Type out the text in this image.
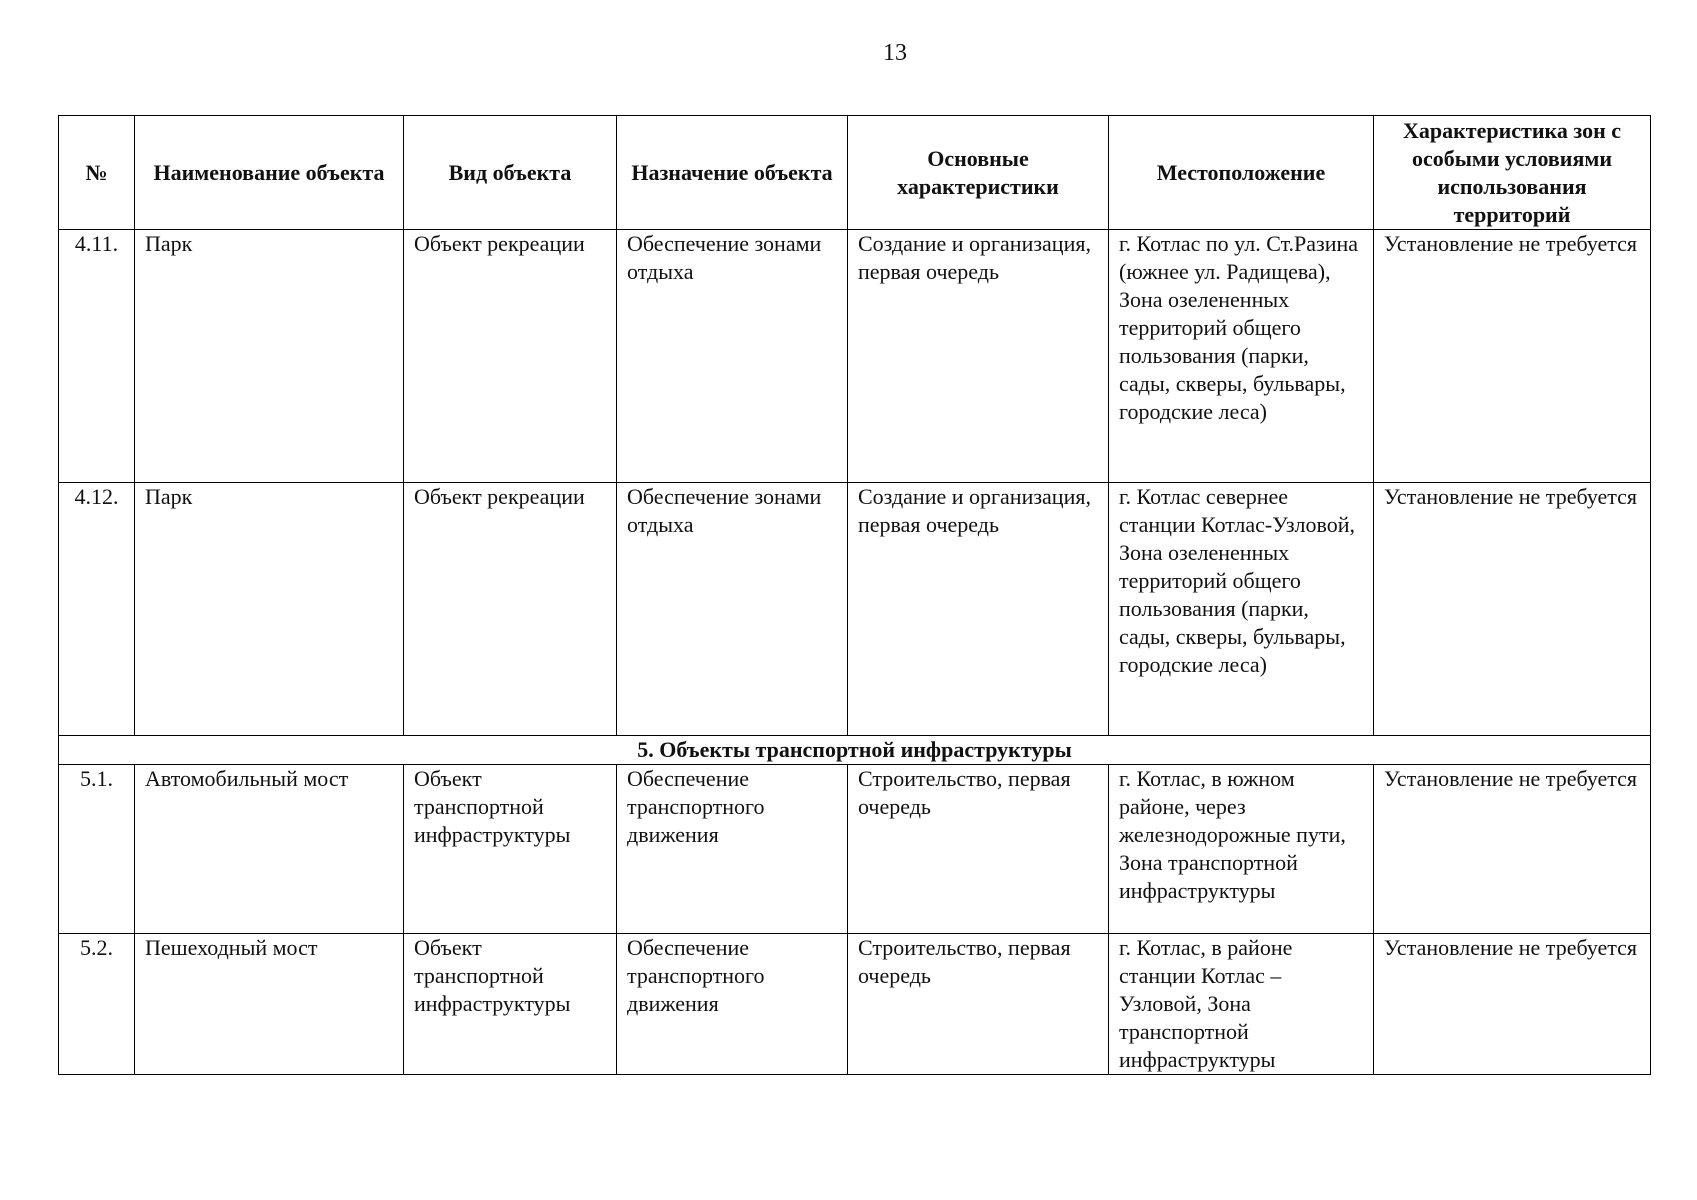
13
№	Наименование объекта	Вид объекта	Назначение объекта	Основные характеристики	Местоположение	Характеристика зон с особыми условиями использования территорий
4.11.	Парк	Объект рекреации	Обеспечение зонами отдыха	Создание и организация, первая очередь	г. Котлас по ул. Ст.Разина (южнее ул. Радищева), Зона озелененных территорий общего пользования (парки, сады, скверы, бульвары, городские леса)	Установление не требуется
4.12.	Парк	Объект рекреации	Обеспечение зонами отдыха	Создание и организация, первая очередь	г. Котлас севернее станции Котлас-Узловой, Зона озелененных территорий общего пользования (парки, сады, скверы, бульвары, городские леса)	Установление не требуется
5. Объекты транспортной инфраструктуры						
5.1.	Автомобильный мост	Объект транспортной инфраструктуры	Обеспечение транспортного движения	Строительство, первая очередь	г. Котлас, в южном районе, через железнодорожные пути, Зона транспортной инфраструктуры	Установление не требуется
5.2.	Пешеходный мост	Объект транспортной инфраструктуры	Обеспечение транспортного движения	Строительство, первая очередь	г. Котлас, в районе станции Котлас – Узловой, Зона транспортной инфраструктуры	Установление не требуется
